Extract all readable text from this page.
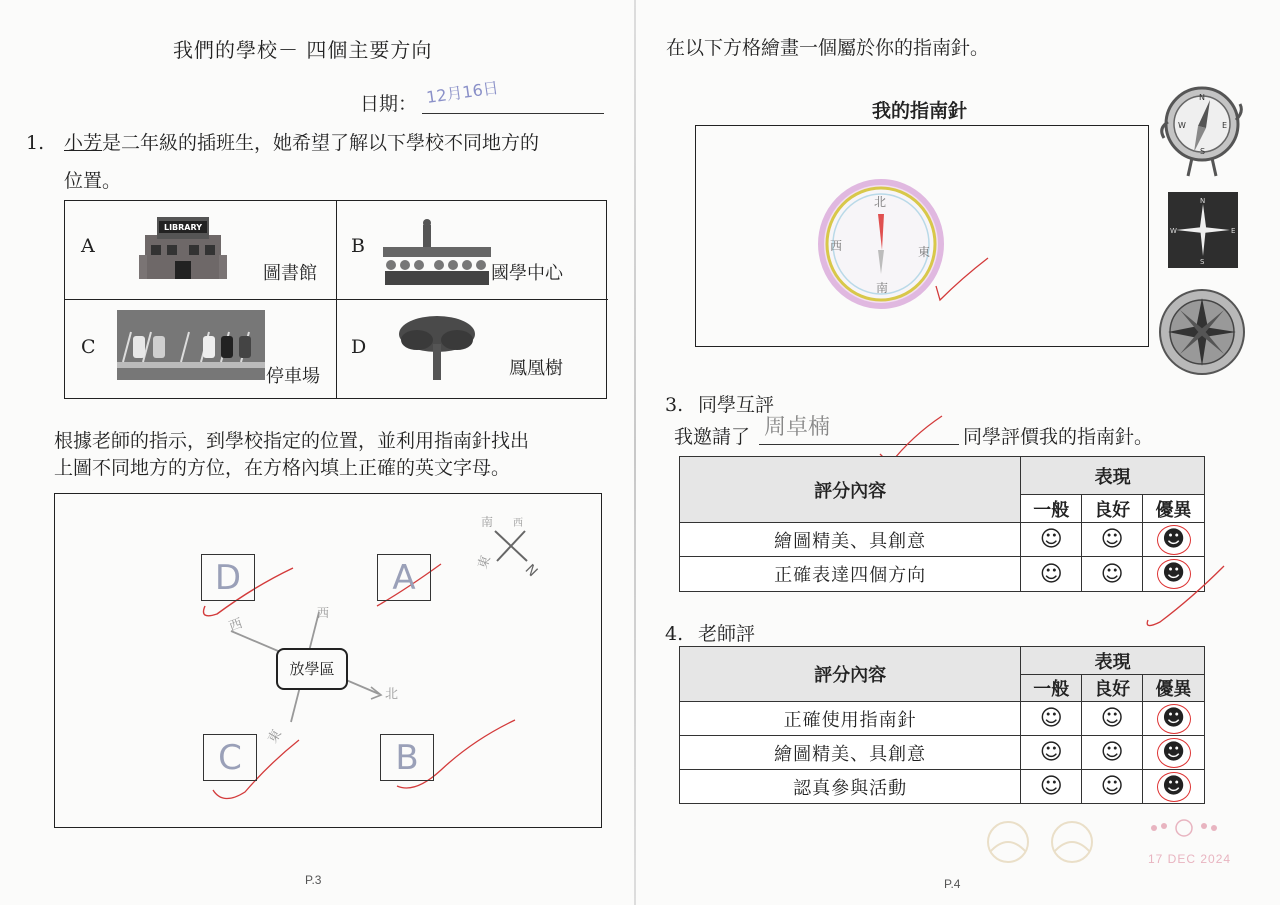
我們的學校－ 四個主要方向
日期： 12月16日
1. 小芳是二年級的插班生，她希望了解以下學校不同地方的
位置。
A
LIBRARY
圖書館
B
國學中心
C
停車場
D
鳳凰樹
根據老師的指示，到學校指定的位置，並利用指南針找出
上圖不同地方的方位，在方格內填上正確的英文字母。
西
西
北
東
南 西
東 N
D	A
C	B
放學區
P.3
在以下方格繪畫一個屬於你的指南針。
我的指南針
北
南
西	東
N
S
W	E
N
S
W	E
3. 同學互評
我邀請了 周卓楠	同學評價我的指南針。
評分內容	表現		
	一般	良好	優異
繪圖精美、具創意	☺	☺	☻
正確表達四個方向	☺	☺	☻
4. 老師評
評分內容	表現		
	一般	良好	優異
正確使用指南針	☺	☺	☻
繪圖精美、具創意	☺	☺	☻
認真參與活動	☺	☺	☻
17 DEC 2024
P.4
